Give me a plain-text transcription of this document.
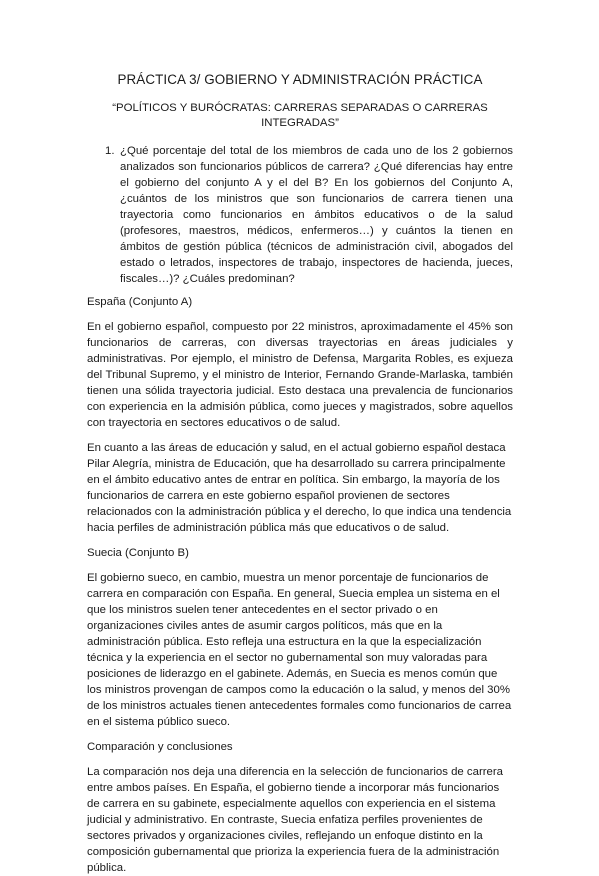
PRÁCTICA 3/ GOBIERNO Y ADMINISTRACIÓN PRÁCTICA
“POLÍTICOS Y BURÓCRATAS: CARRERAS SEPARADAS O CARRERAS INTEGRADAS”
1. ¿Qué porcentaje del total de los miembros de cada uno de los 2 gobiernos analizados son funcionarios públicos de carrera? ¿Qué diferencias hay entre el gobierno del conjunto A y el del B? En los gobiernos del Conjunto A, ¿cuántos de los ministros que son funcionarios de carrera tienen una trayectoria como funcionarios en ámbitos educativos o de la salud (profesores, maestros, médicos, enfermeros…) y cuántos la tienen en ámbitos de gestión pública (técnicos de administración civil, abogados del estado o letrados, inspectores de trabajo, inspectores de hacienda, jueces, fiscales…)? ¿Cuáles predominan?
España (Conjunto A)

En el gobierno español, compuesto por 22 ministros, aproximadamente el 45% son funcionarios de carreras, con diversas trayectorias en áreas judiciales y administrativas. Por ejemplo, el ministro de Defensa, Margarita Robles, es exjueza del Tribunal Supremo, y el ministro de Interior, Fernando Grande-Marlaska, también tienen una sólida trayectoria judicial. Esto destaca una prevalencia de funcionarios con experiencia en la admisión pública, como jueces y magistrados, sobre aquellos con trayectoria en sectores educativos o de salud.

En cuanto a las áreas de educación y salud, en el actual gobierno español destaca Pilar Alegría, ministra de Educación, que ha desarrollado su carrera principalmente en el ámbito educativo antes de entrar en política. Sin embargo, la mayoría de los funcionarios de carrera en este gobierno español provienen de sectores relacionados con la administración pública y el derecho, lo que indica una tendencia hacia perfiles de administración pública más que educativos o de salud.

Suecia (Conjunto B)

El gobierno sueco, en cambio, muestra un menor porcentaje de funcionarios de carrera en comparación con España. En general, Suecia emplea un sistema en el que los ministros suelen tener antecedentes en el sector privado o en organizaciones civiles antes de asumir cargos políticos, más que en la administración pública. Esto refleja una estructura en la que la especialización técnica y la experiencia en el sector no gubernamental son muy valoradas para posiciones de liderazgo en el gabinete. Además, en Suecia es menos común que los ministros provengan de campos como la educación o la salud, y menos del 30% de los ministros actuales tienen antecedentes formales como funcionarios de carrea en el sistema público sueco.

Comparación y conclusiones

La comparación nos deja una diferencia en la selección de funcionarios de carrera entre ambos países. En España, el gobierno tiende a incorporar más funcionarios de carrera en su gabinete, especialmente aquellos con experiencia en el sistema judicial y administrativo. En contraste, Suecia enfatiza perfiles provenientes de sectores privados y organizaciones civiles, reflejando un enfoque distinto en la composición gubernamental que prioriza la experiencia fuera de la administración pública.
